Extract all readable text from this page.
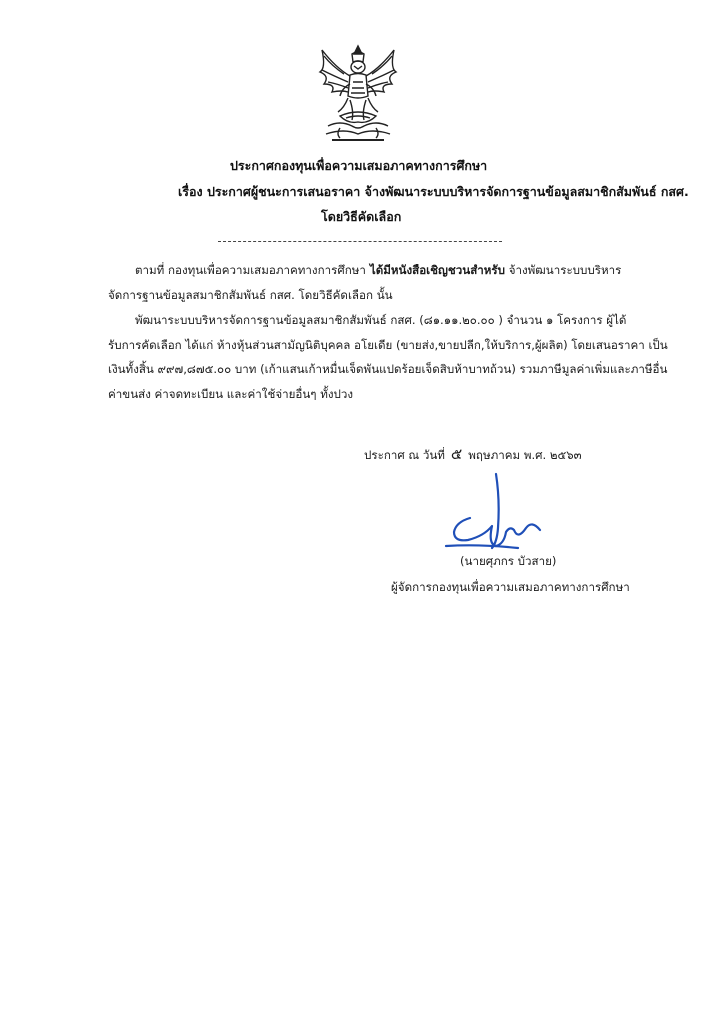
ประกาศกองทุนเพื่อความเสมอภาคทางการศึกษา
เรื่อง ประกาศผู้ชนะการเสนอราคา จ้างพัฒนาระบบบริหารจัดการฐานข้อมูลสมาชิกสัมพันธ์ กสศ.
โดยวิธีคัดเลือก
ตามที่ กองทุนเพื่อความเสมอภาคทางการศึกษา ได้มีหนังสือเชิญชวนสำหรับ จ้างพัฒนาระบบบริหาร
จัดการฐานข้อมูลสมาชิกสัมพันธ์ กสศ. โดยวิธีคัดเลือก นั้น
พัฒนาระบบบริหารจัดการฐานข้อมูลสมาชิกสัมพันธ์ กสศ. (๘๑.๑๑.๒๐.๐๐ ) จำนวน ๑ โครงการ ผู้ได้
รับการคัดเลือก ได้แก่ ห้างหุ้นส่วนสามัญนิติบุคคล อโยเดีย (ขายส่ง,ขายปลีก,ให้บริการ,ผู้ผลิต) โดยเสนอราคา เป็น
เงินทั้งสิ้น ๙๙๗,๘๗๕.๐๐ บาท (เก้าแสนเก้าหมื่นเจ็ดพันแปดร้อยเจ็ดสิบห้าบาทถ้วน) รวมภาษีมูลค่าเพิ่มและภาษีอื่น
ค่าขนส่ง ค่าจดทะเบียน และค่าใช้จ่ายอื่นๆ ทั้งปวง
ประกาศ ณ วันที่ ๕ พฤษภาคม พ.ศ. ๒๕๖๓
(นายศุภกร บัวสาย)
ผู้จัดการกองทุนเพื่อความเสมอภาคทางการศึกษา
